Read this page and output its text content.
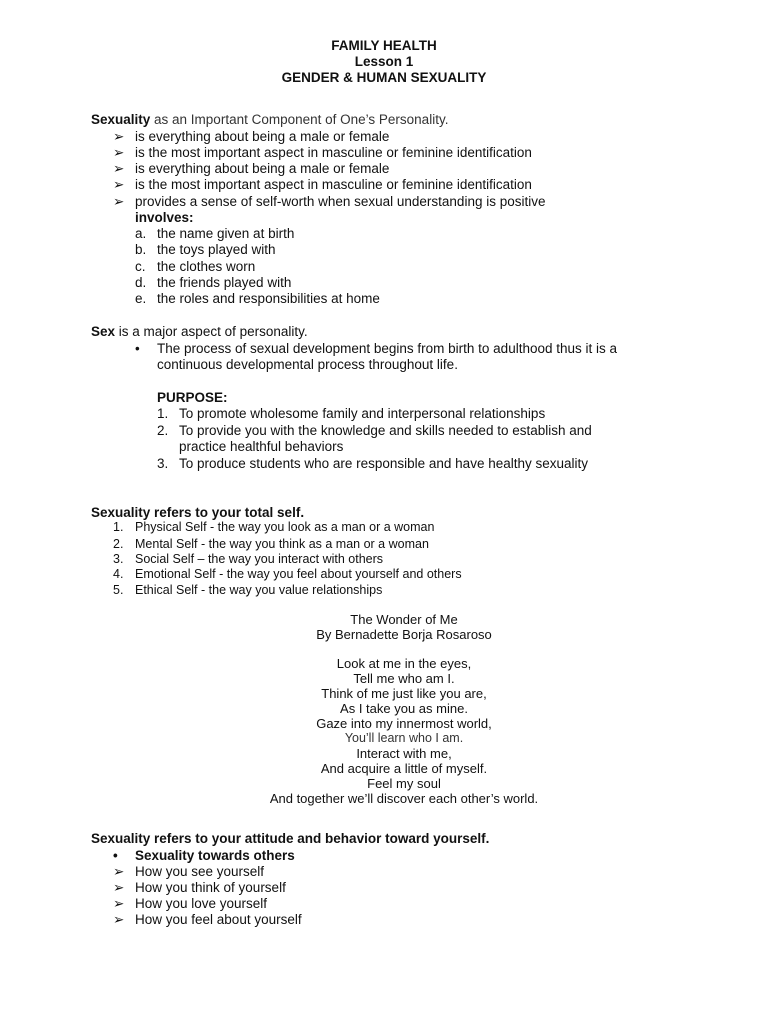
FAMILY HEALTH
Lesson 1
GENDER & HUMAN SEXUALITY
Sexuality as an Important Component of One’s Personality.
➢ is everything about being a male or female
➢ is the most important aspect in masculine or feminine identification
➢ is everything about being a male or female
➢ is the most important aspect in masculine or feminine identification
➢ provides a sense of self-worth when sexual understanding is positive
involves:
a. the name given at birth
b. the toys played with
c. the clothes worn
d. the friends played with
e. the roles and responsibilities at home
Sex is a major aspect of personality.
• The process of sexual development begins from birth to adulthood thus it is a
continuous developmental process throughout life.
PURPOSE:
1. To promote wholesome family and interpersonal relationships
2. To provide you with the knowledge and skills needed to establish and
practice healthful behaviors
3. To produce students who are responsible and have healthy sexuality
Sexuality refers to your total self.
1. Physical Self - the way you look as a man or a woman
2. Mental Self - the way you think as a man or a woman
3. Social Self – the way you interact with others
4. Emotional Self - the way you feel about yourself and others
5. Ethical Self - the way you value relationships
The Wonder of Me
By Bernadette Borja Rosaroso
Look at me in the eyes,
Tell me who am I.
Think of me just like you are,
As I take you as mine.
Gaze into my innermost world,
You’ll learn who I am.
Interact with me,
And acquire a little of myself.
Feel my soul
And together we’ll discover each other’s world.
Sexuality refers to your attitude and behavior toward yourself.
• Sexuality towards others
➢ How you see yourself
➢ How you think of yourself
➢ How you love yourself
➢ How you feel about yourself
